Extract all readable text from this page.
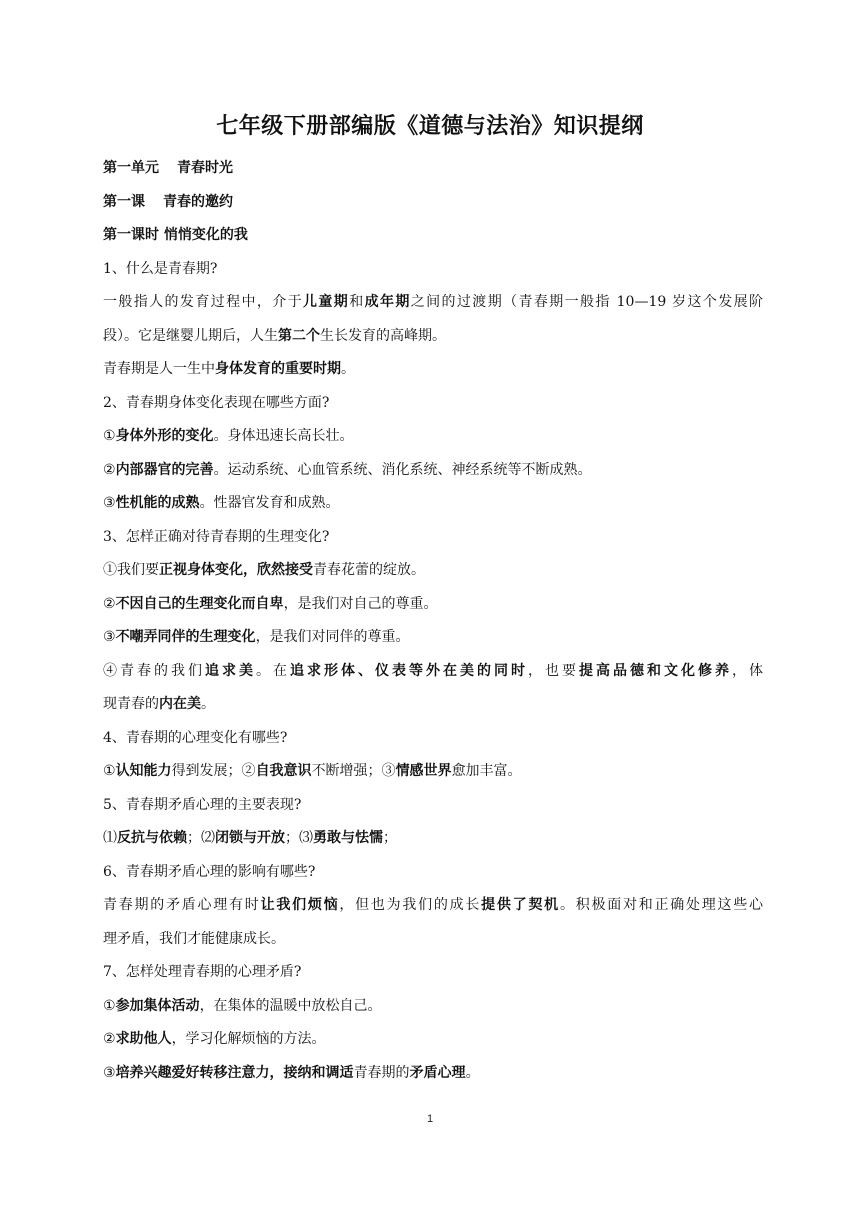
七年级下册部编版《道德与法治》知识提纲
第一单元 青春时光
第一课 青春的邀约
第一课时 悄悄变化的我
1、什么是青春期?
一般指人的发育过程中，介于儿童期和成年期之间的过渡期（青春期一般指 10—19 岁这个发展阶
段）。它是继婴儿期后，人生第二个生长发育的高峰期。
青春期是人一生中身体发育的重要时期。
2、青春期身体变化表现在哪些方面?
①身体外形的变化。身体迅速长高长壮。
②内部器官的完善。运动系统、心血管系统、消化系统、神经系统等不断成熟。
③性机能的成熟。性器官发育和成熟。
3、怎样正确对待青春期的生理变化?
①我们要正视身体变化，欣然接受青春花蕾的绽放。
②不因自己的生理变化而自卑，是我们对自己的尊重。
③不嘲弄同伴的生理变化，是我们对同伴的尊重。
④青春的我们追求美。在追求形体、仪表等外在美的同时，也要提高品德和文化修养，体
现青春的内在美。
4、青春期的心理变化有哪些?
①认知能力得到发展；②自我意识不断增强；③情感世界愈加丰富。
5、青春期矛盾心理的主要表现?
⑴反抗与依赖；⑵闭锁与开放；⑶勇敢与怯懦；
6、青春期矛盾心理的影响有哪些?
青春期的矛盾心理有时让我们烦恼，但也为我们的成长提供了契机。积极面对和正确处理这些心
理矛盾，我们才能健康成长。
7、怎样处理青春期的心理矛盾?
①参加集体活动，在集体的温暖中放松自己。
②求助他人，学习化解烦恼的方法。
③培养兴趣爱好转移注意力，接纳和调适青春期的矛盾心理。
1
